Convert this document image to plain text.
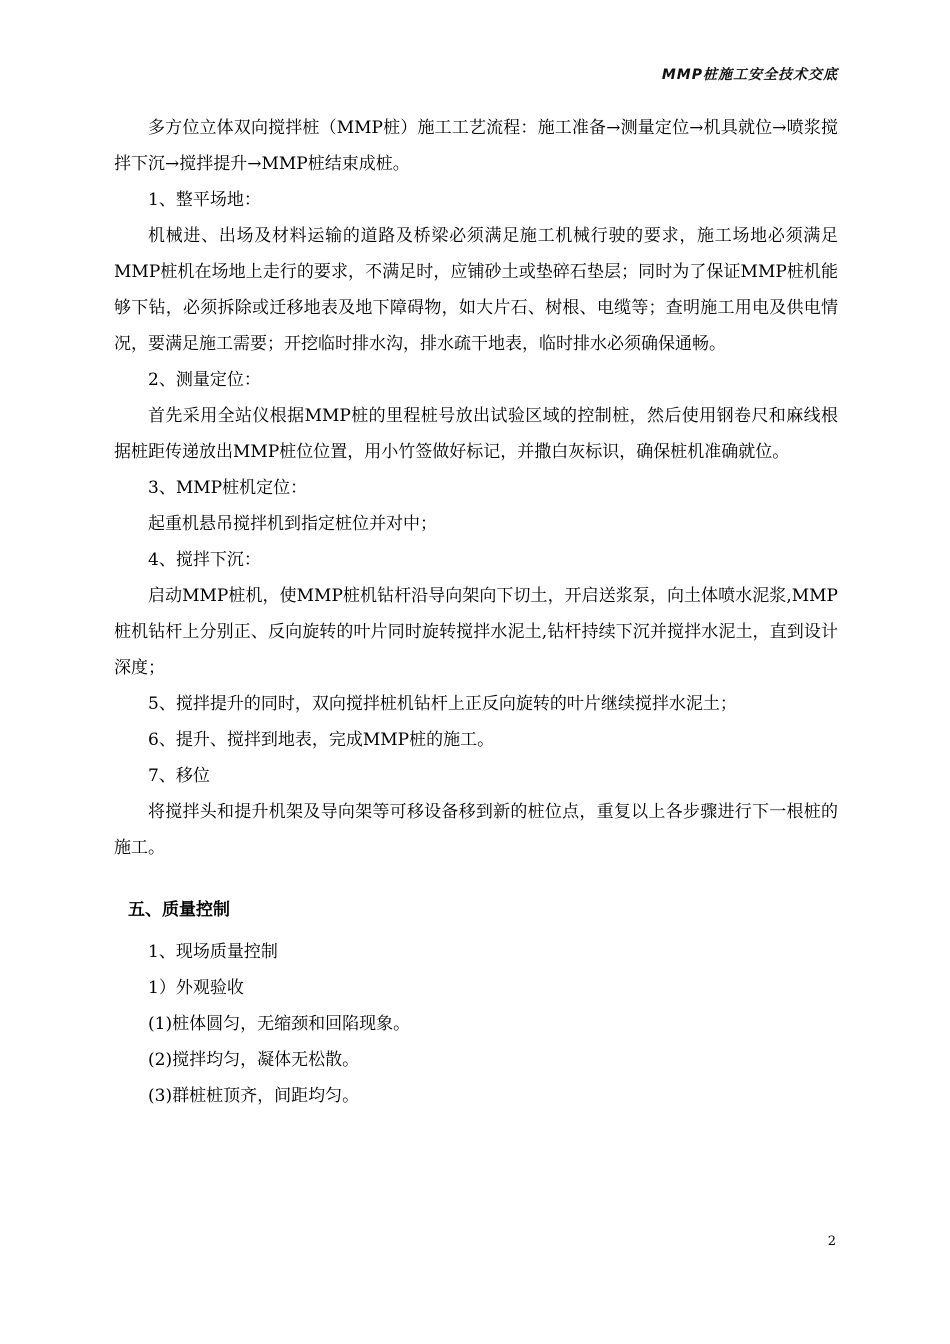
MMP桩施工安全技术交底

多方位立体双向搅拌桩（MMP桩）施工工艺流程：施工准备→测量定位→机具就位→喷浆搅拌下沉→搅拌提升→MMP桩结束成桩。

1、整平场地：

机械进、出场及材料运输的道路及桥梁必须满足施工机械行驶的要求，施工场地必须满足MMP桩机在场地上走行的要求，不满足时，应铺砂土或垫碎石垫层；同时为了保证MMP桩机能够下钻，必须拆除或迁移地表及地下障碍物，如大片石、树根、电缆等；查明施工用电及供电情况，要满足施工需要；开挖临时排水沟，排水疏干地表，临时排水必须确保通畅。

2、测量定位：

首先采用全站仪根据MMP桩的里程桩号放出试验区域的控制桩，然后使用钢卷尺和麻线根据桩距传递放出MMP桩位位置，用小竹签做好标记，并撒白灰标识，确保桩机准确就位。

3、MMP桩机定位：

起重机悬吊搅拌机到指定桩位并对中；

4、搅拌下沉：

启动MMP桩机，使MMP桩机钻杆沿导向架向下切土，开启送浆泵，向土体喷水泥浆,MMP桩机钻杆上分别正、反向旋转的叶片同时旋转搅拌水泥土,钻杆持续下沉并搅拌水泥土，直到设计深度；

5、搅拌提升的同时，双向搅拌桩机钻杆上正反向旋转的叶片继续搅拌水泥土；

6、提升、搅拌到地表，完成MMP桩的施工。

7、移位

将搅拌头和提升机架及导向架等可移设备移到新的桩位点，重复以上各步骤进行下一根桩的施工。

五、质量控制

1、现场质量控制

1）外观验收

(1)桩体圆匀，无缩颈和回陷现象。

(2)搅拌均匀，凝体无松散。

(3)群桩桩顶齐，间距均匀。

2
